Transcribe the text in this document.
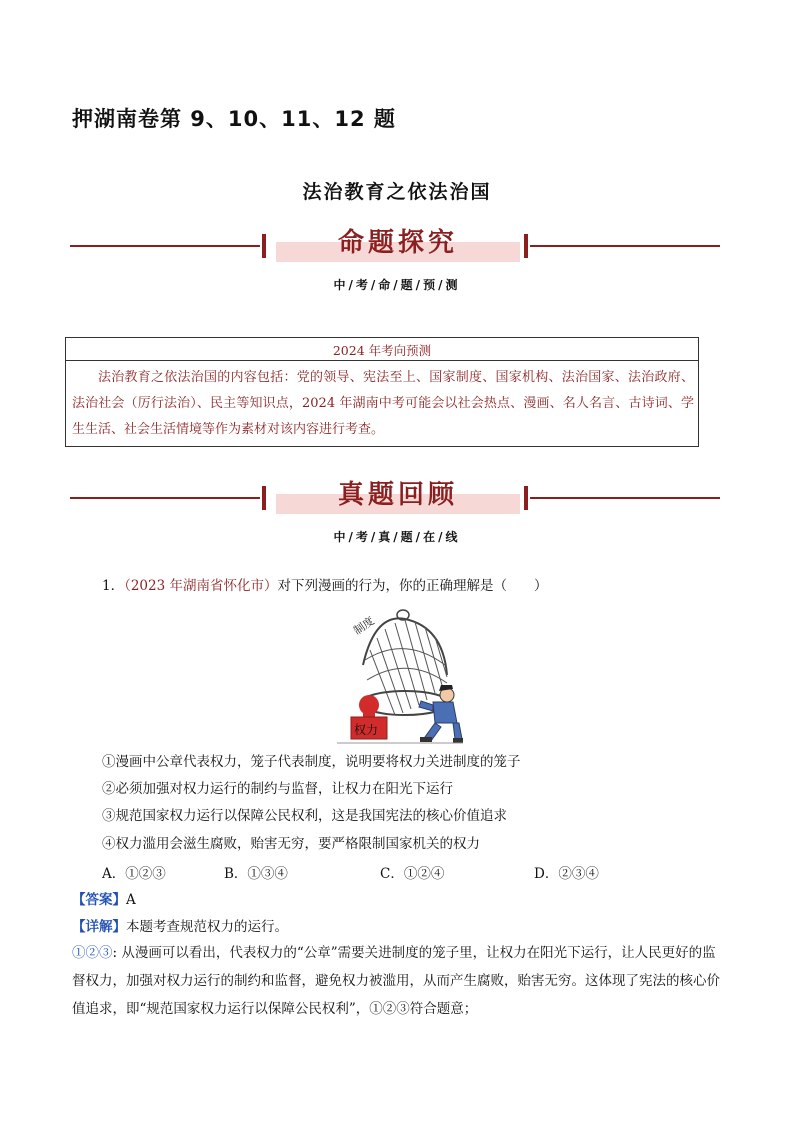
押湖南卷第 9、10、11、12 题
法治教育之依法治国
命题探究
中/考/命/题/预/测
2024 年考向预测
法治教育之依法治国的内容包括：党的领导、宪法至上、国家制度、国家机构、法治国家、法治政府、法治社会（厉行法治）、民主等知识点，2024 年湖南中考可能会以社会热点、漫画、名人名言、古诗词、学生生活、社会生活情境等作为素材对该内容进行考查。
真题回顾
中/考/真/题/在/线
1．（2023 年湖南省怀化市）对下列漫画的行为，你的正确理解是（　　）
制度
权力
①漫画中公章代表权力，笼子代表制度，说明要将权力关进制度的笼子
②必须加强对权力运行的制约与监督，让权力在阳光下运行
③规范国家权力运行以保障公民权利，这是我国宪法的核心价值追求
④权力滥用会滋生腐败，贻害无穷，要严格限制国家机关的权力
A．①②③	B．①③④	C．①②④	D．②③④
【答案】A
【详解】本题考查规范权力的运行。
①②③: 从漫画可以看出，代表权力的“公章”需要关进制度的笼子里，让权力在阳光下运行，让人民更好的监督权力，加强对权力运行的制约和监督，避免权力被滥用，从而产生腐败，贻害无穷。这体现了宪法的核心价值追求，即“规范国家权力运行以保障公民权利”，①②③符合题意；
